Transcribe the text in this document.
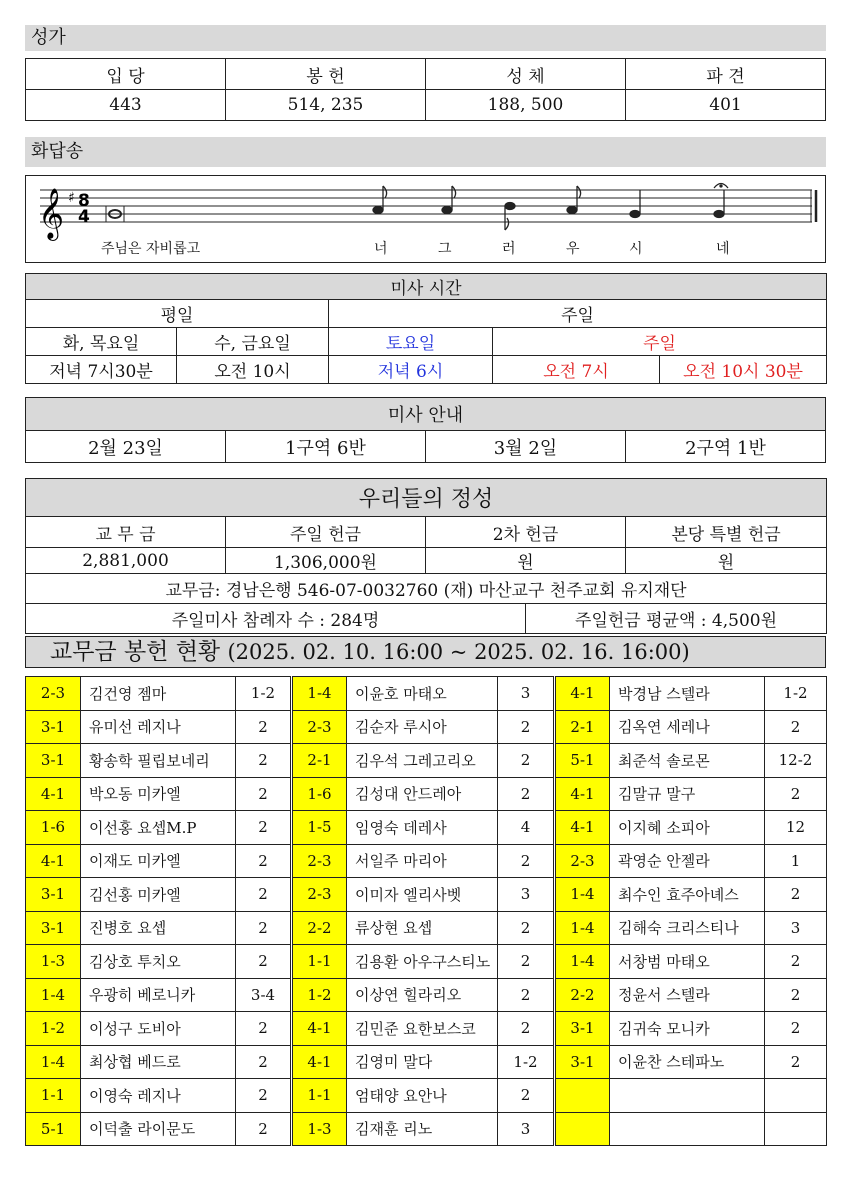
성가
입 당	봉 헌	성 체	파 견
443	514, 235	188, 500	401
화답송
𝄞 ♯ 8
4
주님은 자비롭고	너	그	러	우	시	네
미사 시간				
평일		주일		
화, 목요일	수, 금요일	토요일	주일	
저녁 7시30분	오전 10시	저녁 6시	오전 7시	오전 10시 30분
미사 안내
2월 23일	1구역 6반	3월 2일	2구역 1반
우리들의 정성				
교 무 금	주일 헌금	2차 헌금		본당 특별 헌금
2,881,000	1,306,000원	원		원
교무금: 경남은행 546-07-0032760 (재) 마산교구 천주교회 유지재단				
주일미사 참례자 수 : 284명			주일헌금 평균액 : 4,500원	
교무금 봉헌 현황 (2025. 02. 10. 16:00 ~ 2025. 02. 16. 16:00)
2-3	김건영 젬마	1-2	1-4	이윤호 마태오	3	4-1	박경남 스텔라	1-2
3-1	유미선 레지나	2	2-3	김순자 루시아	2	2-1	김옥연 세레나	2
3-1	황송학 필립보네리	2	2-1	김우석 그레고리오	2	5-1	최준석 솔로몬	12-2
4-1	박오동 미카엘	2	1-6	김성대 안드레아	2	4-1	김말규 말구	2
1-6	이선홍 요셉M.P	2	1-5	임영숙 데레사	4	4-1	이지혜 소피아	12
4-1	이재도 미카엘	2	2-3	서일주 마리아	2	2-3	곽영순 안젤라	1
3-1	김선홍 미카엘	2	2-3	이미자 엘리사벳	3	1-4	최수인 효주아녜스	2
3-1	진병호 요셉	2	2-2	류상현 요셉	2	1-4	김해숙 크리스티나	3
1-3	김상호 투치오	2	1-1	김용환 아우구스티노	2	1-4	서창범 마태오	2
1-4	우광히 베로니카	3-4	1-2	이상연 힐라리오	2	2-2	정윤서 스텔라	2
1-2	이성구 도비아	2	4-1	김민준 요한보스코	2	3-1	김귀숙 모니카	2
1-4	최상협 베드로	2	4-1	김영미 말다	1-2	3-1	이윤찬 스테파노	2
1-1	이영숙 레지나	2	1-1	엄태양 요안나	2			
5-1	이덕출 라이문도	2	1-3	김재훈 리노	3			
